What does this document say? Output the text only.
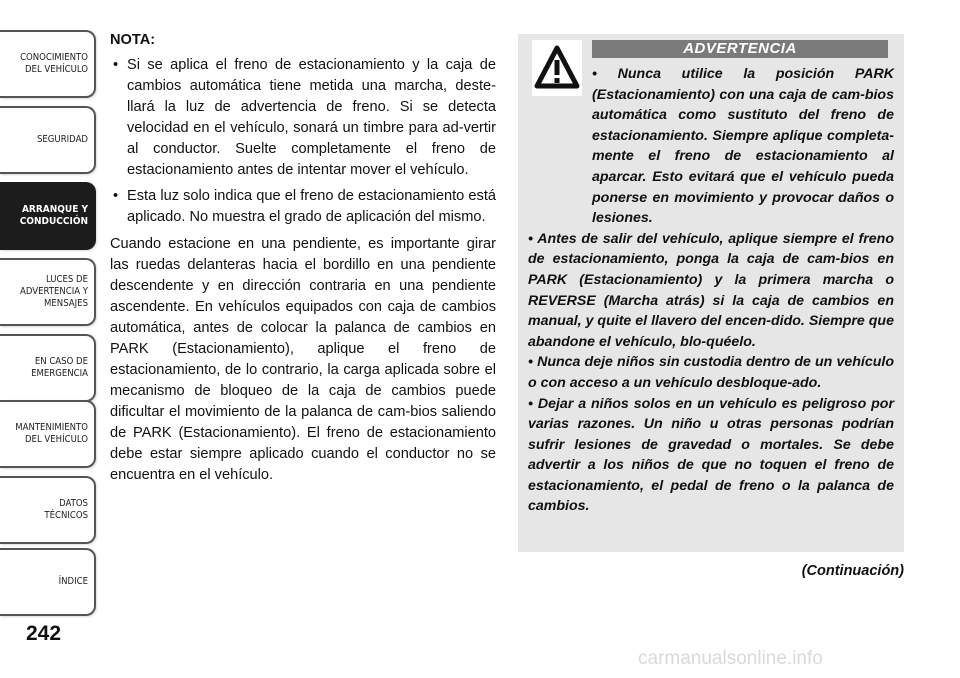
CONOCIMIENTO
DEL VEHÍCULO
SEGURIDAD
ARRANQUE Y
CONDUCCIÓN
LUCES DE
ADVERTENCIA Y
MENSAJES
EN CASO DE
EMERGENCIA
MANTENIMIENTO
DEL VEHÍCULO
DATOS
TÉCNICOS
ÍNDICE
242

NOTA:

• Si se aplica el freno de estacionamiento y la caja de cambios automática tiene metida una marcha, deste-llará la luz de advertencia de freno. Si se detecta velocidad en el vehículo, sonará un timbre para ad-vertir al conductor. Suelte completamente el freno de estacionamiento antes de intentar mover el vehículo.
• Esta luz solo indica que el freno de estacionamiento está aplicado. No muestra el grado de aplicación del mismo.

Cuando estacione en una pendiente, es importante girar las ruedas delanteras hacia el bordillo en una pendiente descendente y en dirección contraria en una pendiente ascendente. En vehículos equipados con caja de cambios automática, antes de colocar la palanca de cambios en PARK (Estacionamiento), aplique el freno de estacionamiento, de lo contrario, la carga aplicada sobre el mecanismo de bloqueo de la caja de cambios puede dificultar el movimiento de la palanca de cam-bios saliendo de PARK (Estacionamiento). El freno de estacionamiento debe estar siempre aplicado cuando el conductor no se encuentra en el vehículo.

ADVERTENCIA

• Nunca utilice la posición PARK (Estacionamiento) con una caja de cam-bios automática como sustituto del freno de estacionamiento. Siempre aplique completa-mente el freno de estacionamiento al aparcar. Esto evitará que el vehículo pueda ponerse en movimiento y provocar daños o lesiones.

• Antes de salir del vehículo, aplique siempre el freno de estacionamiento, ponga la caja de cam-bios en PARK (Estacionamiento) y la primera marcha o REVERSE (Marcha atrás) si la caja de cambios en manual, y quite el llavero del encen-dido. Siempre que abandone el vehículo, blo-quéelo.

• Nunca deje niños sin custodia dentro de un vehículo o con acceso a un vehículo desbloque-ado.

• Dejar a niños solos en un vehículo es peligroso por varias razones. Un niño u otras personas podrían sufrir lesiones de gravedad o mortales. Se debe advertir a los niños de que no toquen el freno de estacionamiento, el pedal de freno o la palanca de cambios.

(Continuación)
carmanualsonline.info
